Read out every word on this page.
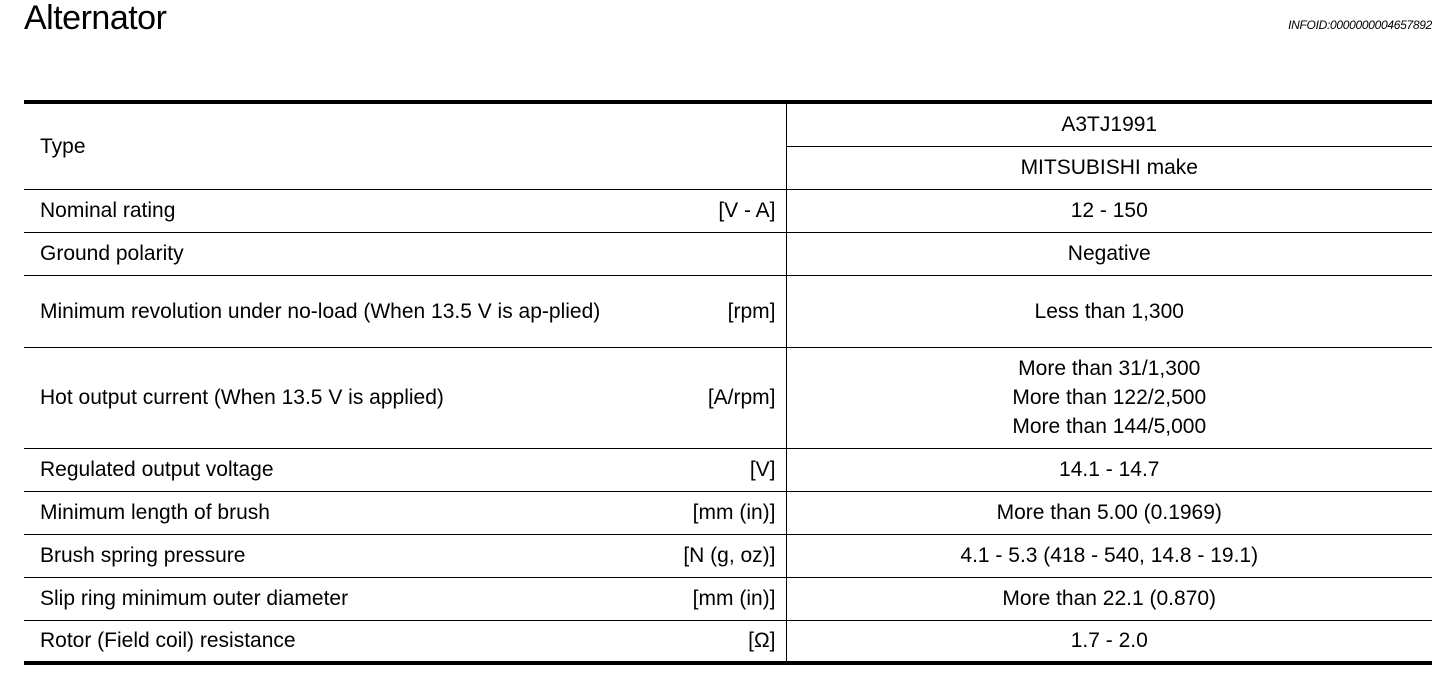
Alternator	INFOID:0000000004657892
Type	A3TJ1991
	MITSUBISHI make

Nominal rating [V - A]	12 - 150

Ground polarity	Negative

Minimum revolution under no-load (When 13.5 V is ap-plied) [rpm]	Less than 1,300

Hot output current (When 13.5 V is applied) [A/rpm]	More than 31/1,300
More than 122/2,500
More than 144/5,000

Regulated output voltage [V]	14.1 - 14.7

Minimum length of brush [mm (in)]	More than 5.00 (0.1969)

Brush spring pressure [N (g, oz)]	4.1 - 5.3 (418 - 540, 14.8 - 19.1)

Slip ring minimum outer diameter [mm (in)]	More than 22.1 (0.870)

Rotor (Field coil) resistance [Ω]	1.7 - 2.0
